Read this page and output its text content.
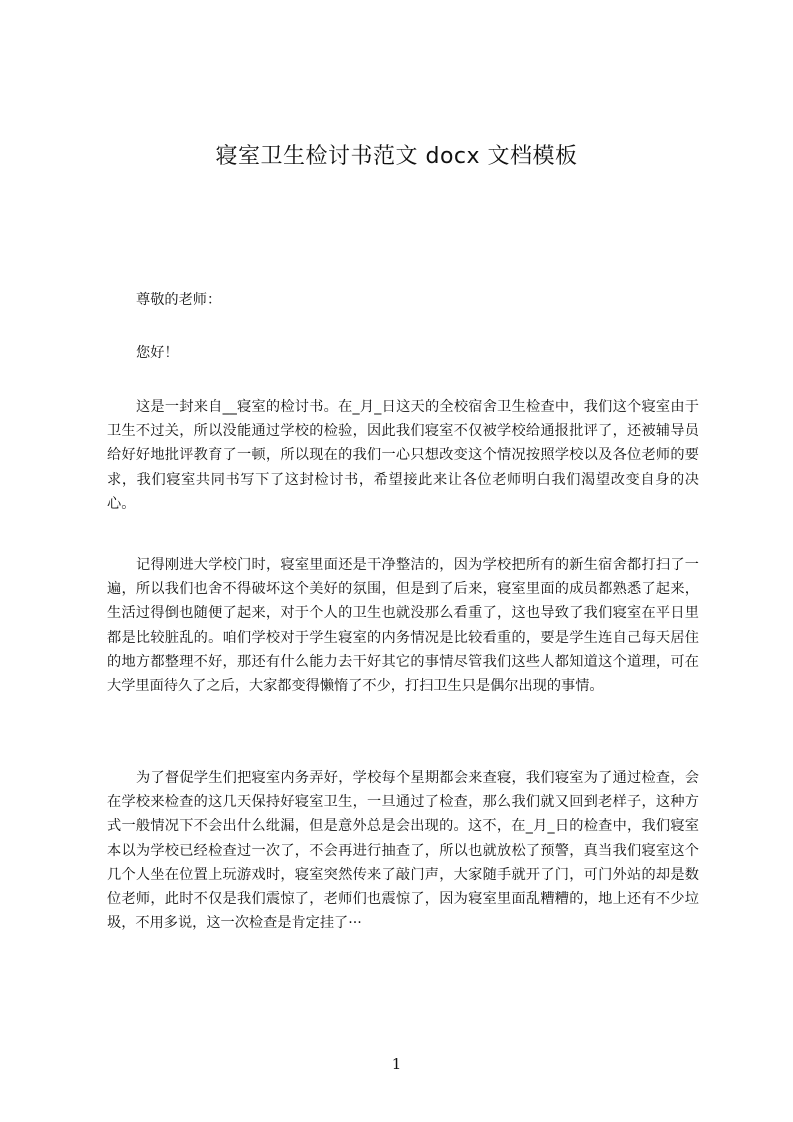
寝室卫生检讨书范文 docx 文档模板
尊敬的老师：
您好！
这是一封来自__寝室的检讨书。在_月_日这天的全校宿舍卫生检查中，我们这个寝室由于卫生不过关，所以没能通过学校的检验，因此我们寝室不仅被学校给通报批评了，还被辅导员给好好地批评教育了一顿，所以现在的我们一心只想改变这个情况按照学校以及各位老师的要求，我们寝室共同书写下了这封检讨书，希望接此来让各位老师明白我们渴望改变自身的决心。
记得刚进大学校门时，寝室里面还是干净整洁的，因为学校把所有的新生宿舍都打扫了一遍，所以我们也舍不得破坏这个美好的氛围，但是到了后来，寝室里面的成员都熟悉了起来，生活过得倒也随便了起来，对于个人的卫生也就没那么看重了，这也导致了我们寝室在平日里都是比较脏乱的。咱们学校对于学生寝室的内务情况是比较看重的，要是学生连自己每天居住的地方都整理不好，那还有什么能力去干好其它的事情尽管我们这些人都知道这个道理，可在大学里面待久了之后，大家都变得懒惰了不少，打扫卫生只是偶尔出现的事情。
为了督促学生们把寝室内务弄好，学校每个星期都会来查寝，我们寝室为了通过检查，会在学校来检查的这几天保持好寝室卫生，一旦通过了检查，那么我们就又回到老样子，这种方式一般情况下不会出什么纰漏，但是意外总是会出现的。这不，在_月_日的检查中，我们寝室本以为学校已经检查过一次了，不会再进行抽查了，所以也就放松了预警，真当我们寝室这个几个人坐在位置上玩游戏时，寝室突然传来了敲门声，大家随手就开了门，可门外站的却是数位老师，此时不仅是我们震惊了，老师们也震惊了，因为寝室里面乱糟糟的，地上还有不少垃圾，不用多说，这一次检查是肯定挂了···
1
